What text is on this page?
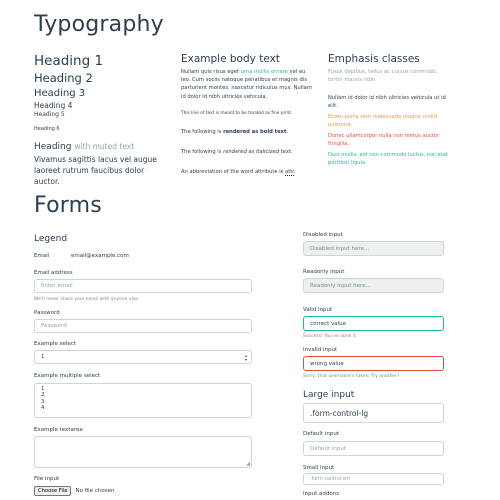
Typography
Heading 1
Heading 2
Heading 3
Heading 4
Heading 5
Heading 6
Heading with muted text
Vivamus sagittis lacus vel augue laoreet rutrum faucibus dolor auctor.
Example body text
Nullam quis risus eget urna mollis ornare vel eu leo. Cum sociis natoque penatibus et magnis dis parturient montes, nascetur ridiculus mus. Nullam id dolor id nibh ultricies vehicula.
This line of text is meant to be treated as fine print.
The following is rendered as bold text.
The following is rendered as italicized text.
An abbreviation of the word attribute is attr.
Emphasis classes
Fusce dapibus, tellus ac cursus commodo, tortor mauris nibh.
Nullam id dolor id nibh ultricies vehicula ut id elit.
Etiam porta sem malesuada magna mollis euismod.
Donec ullamcorper nulla non metus auctor fringilla.
Duis mollis, est non commodo luctus, nisi erat porttitor ligula.
Forms
Legend
Email	email@example.com
Email address
Enter email
We'll never share your email with anyone else.
Password
Password
Example select
1	▴
▾
Example multiple select
1
2
3
4
Example textarea
◢
File input
Choose File	No file chosen
Disabled input
Disabled input here...
Readonly input
Readonly input here...
Valid input
correct value
Success! You've done it.
Invalid input
wrong value
Sorry, that username's taken. Try another?
Large input
.form-control-lg
Default input
Default input
Small input
.form-control-sm
Input addons
